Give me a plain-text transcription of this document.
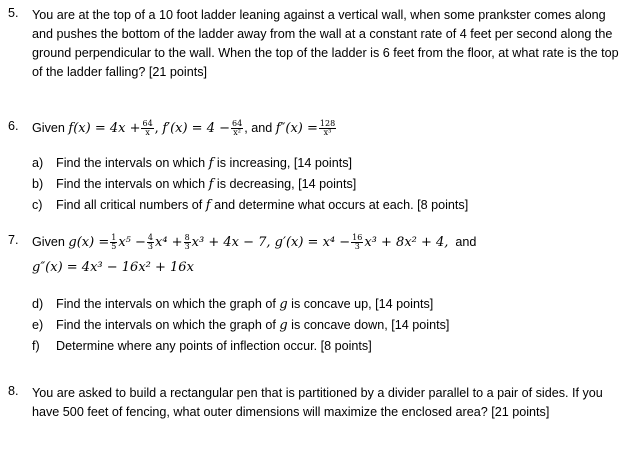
5.	You are at the top of a 10 foot ladder leaning against a vertical wall, when some prankster comes along and pushes the bottom of the ladder away from the wall at a constant rate of 4 feet per second along the ground perpendicular to the wall. When the top of the ladder is 6 feet from the floor, at what rate is the top of the ladder falling? [21 points]
6.	Given $f(x) = 4x + \frac{64}{x}$ , $f'(x) = 4 - \frac{64}{\text{x²}}$ , and $f''(x) = \frac{128}{\text{x³}}$
a) Find the intervals on which f is increasing, [14 points]
b) Find the intervals on which f is decreasing, [14 points]
c) Find all critical numbers of f and determine what occurs at each. [8 points]
7.	Given $g(x) = \frac{1}{5} x^5 - \frac{4}{3} x^4 + \frac{8}{3} x^3 + 4x - 7$, $g'(x) = x^4 - \frac{16}{3} x^3 + 8x^2 + 4$, and
g″(x) = 4x³ − 16x² + 16x
d) Find the intervals on which the graph of g is concave up, [14 points]
e) Find the intervals on which the graph of g is concave down, [14 points]
f) Determine where any points of inflection occur. [8 points]
8.	You are asked to build a rectangular pen that is partitioned by a divider parallel to a pair of sides. If you have 500 feet of fencing, what outer dimensions will maximize the enclosed area? [21 points]
